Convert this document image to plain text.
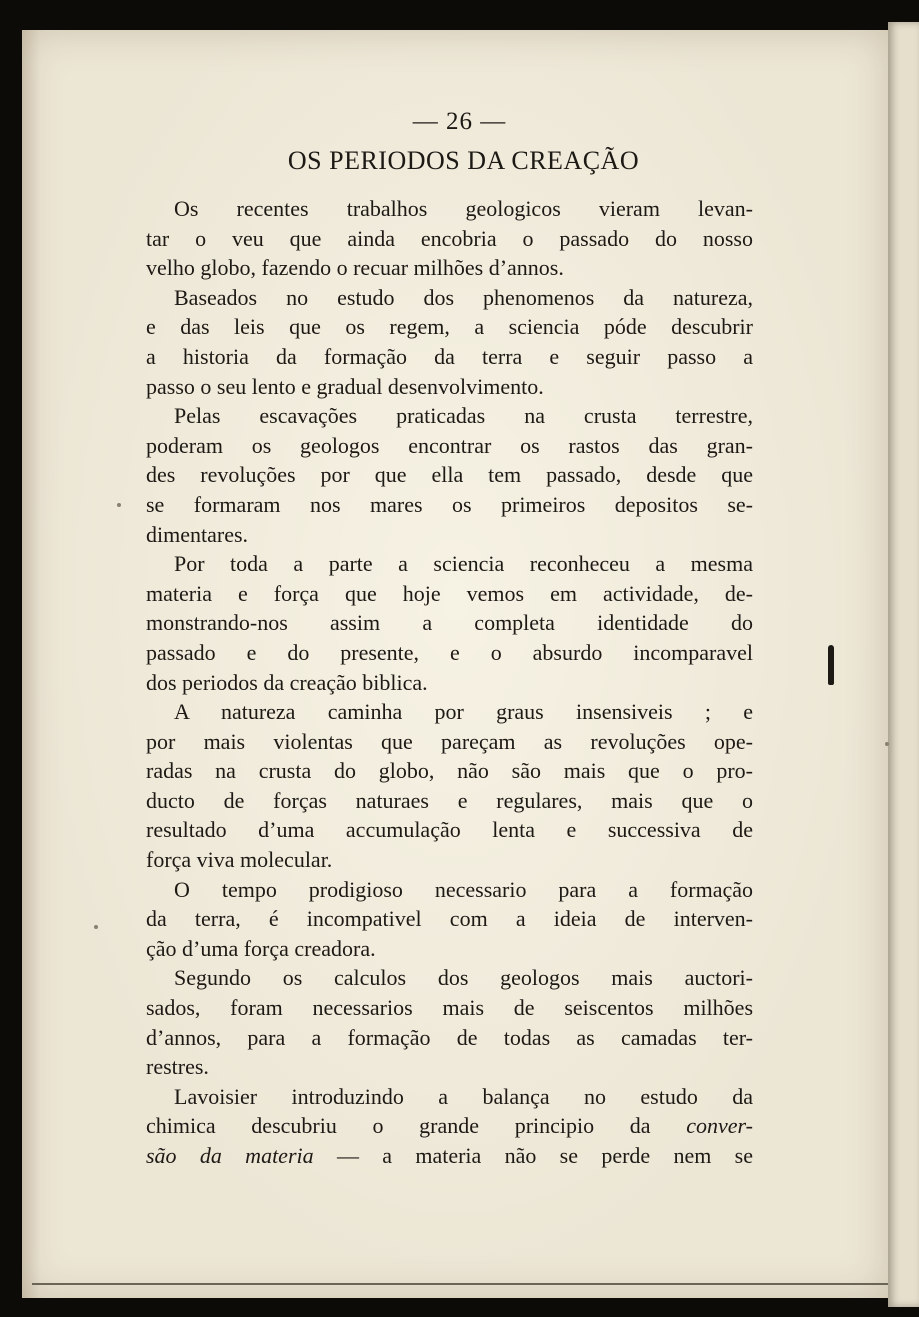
— 26 —
OS PERIODOS DA CREAÇÃO
Os recentes trabalhos geologicos vieram levan-
tar o veu que ainda encobria o passado do nosso
velho globo, fazendo o recuar milhões d’annos.
Baseados no estudo dos phenomenos da natureza,
e das leis que os regem, a sciencia póde descubrir
a historia da formação da terra e seguir passo a
passo o seu lento e gradual desenvolvimento.
Pelas escavações praticadas na crusta terrestre,
poderam os geologos encontrar os rastos das gran-
des revoluções por que ella tem passado, desde que
se formaram nos mares os primeiros depositos se-
dimentares.
Por toda a parte a sciencia reconheceu a mesma
materia e força que hoje vemos em actividade, de-
monstrando-nos assim a completa identidade do
passado e do presente, e o absurdo incomparavel
dos periodos da creação biblica.
A natureza caminha por graus insensiveis ; e
por mais violentas que pareçam as revoluções ope-
radas na crusta do globo, não são mais que o pro-
ducto de forças naturaes e regulares, mais que o
resultado d’uma accumulação lenta e successiva de
força viva molecular.
O tempo prodigioso necessario para a formação
da terra, é incompativel com a ideia de interven-
ção d’uma força creadora.
Segundo os calculos dos geologos mais auctori-
sados, foram necessarios mais de seiscentos milhões
d’annos, para a formação de todas as camadas ter-
restres.
Lavoisier introduzindo a balança no estudo da
chimica descubriu o grande principio da conver-
são da materia — a materia não se perde nem se
